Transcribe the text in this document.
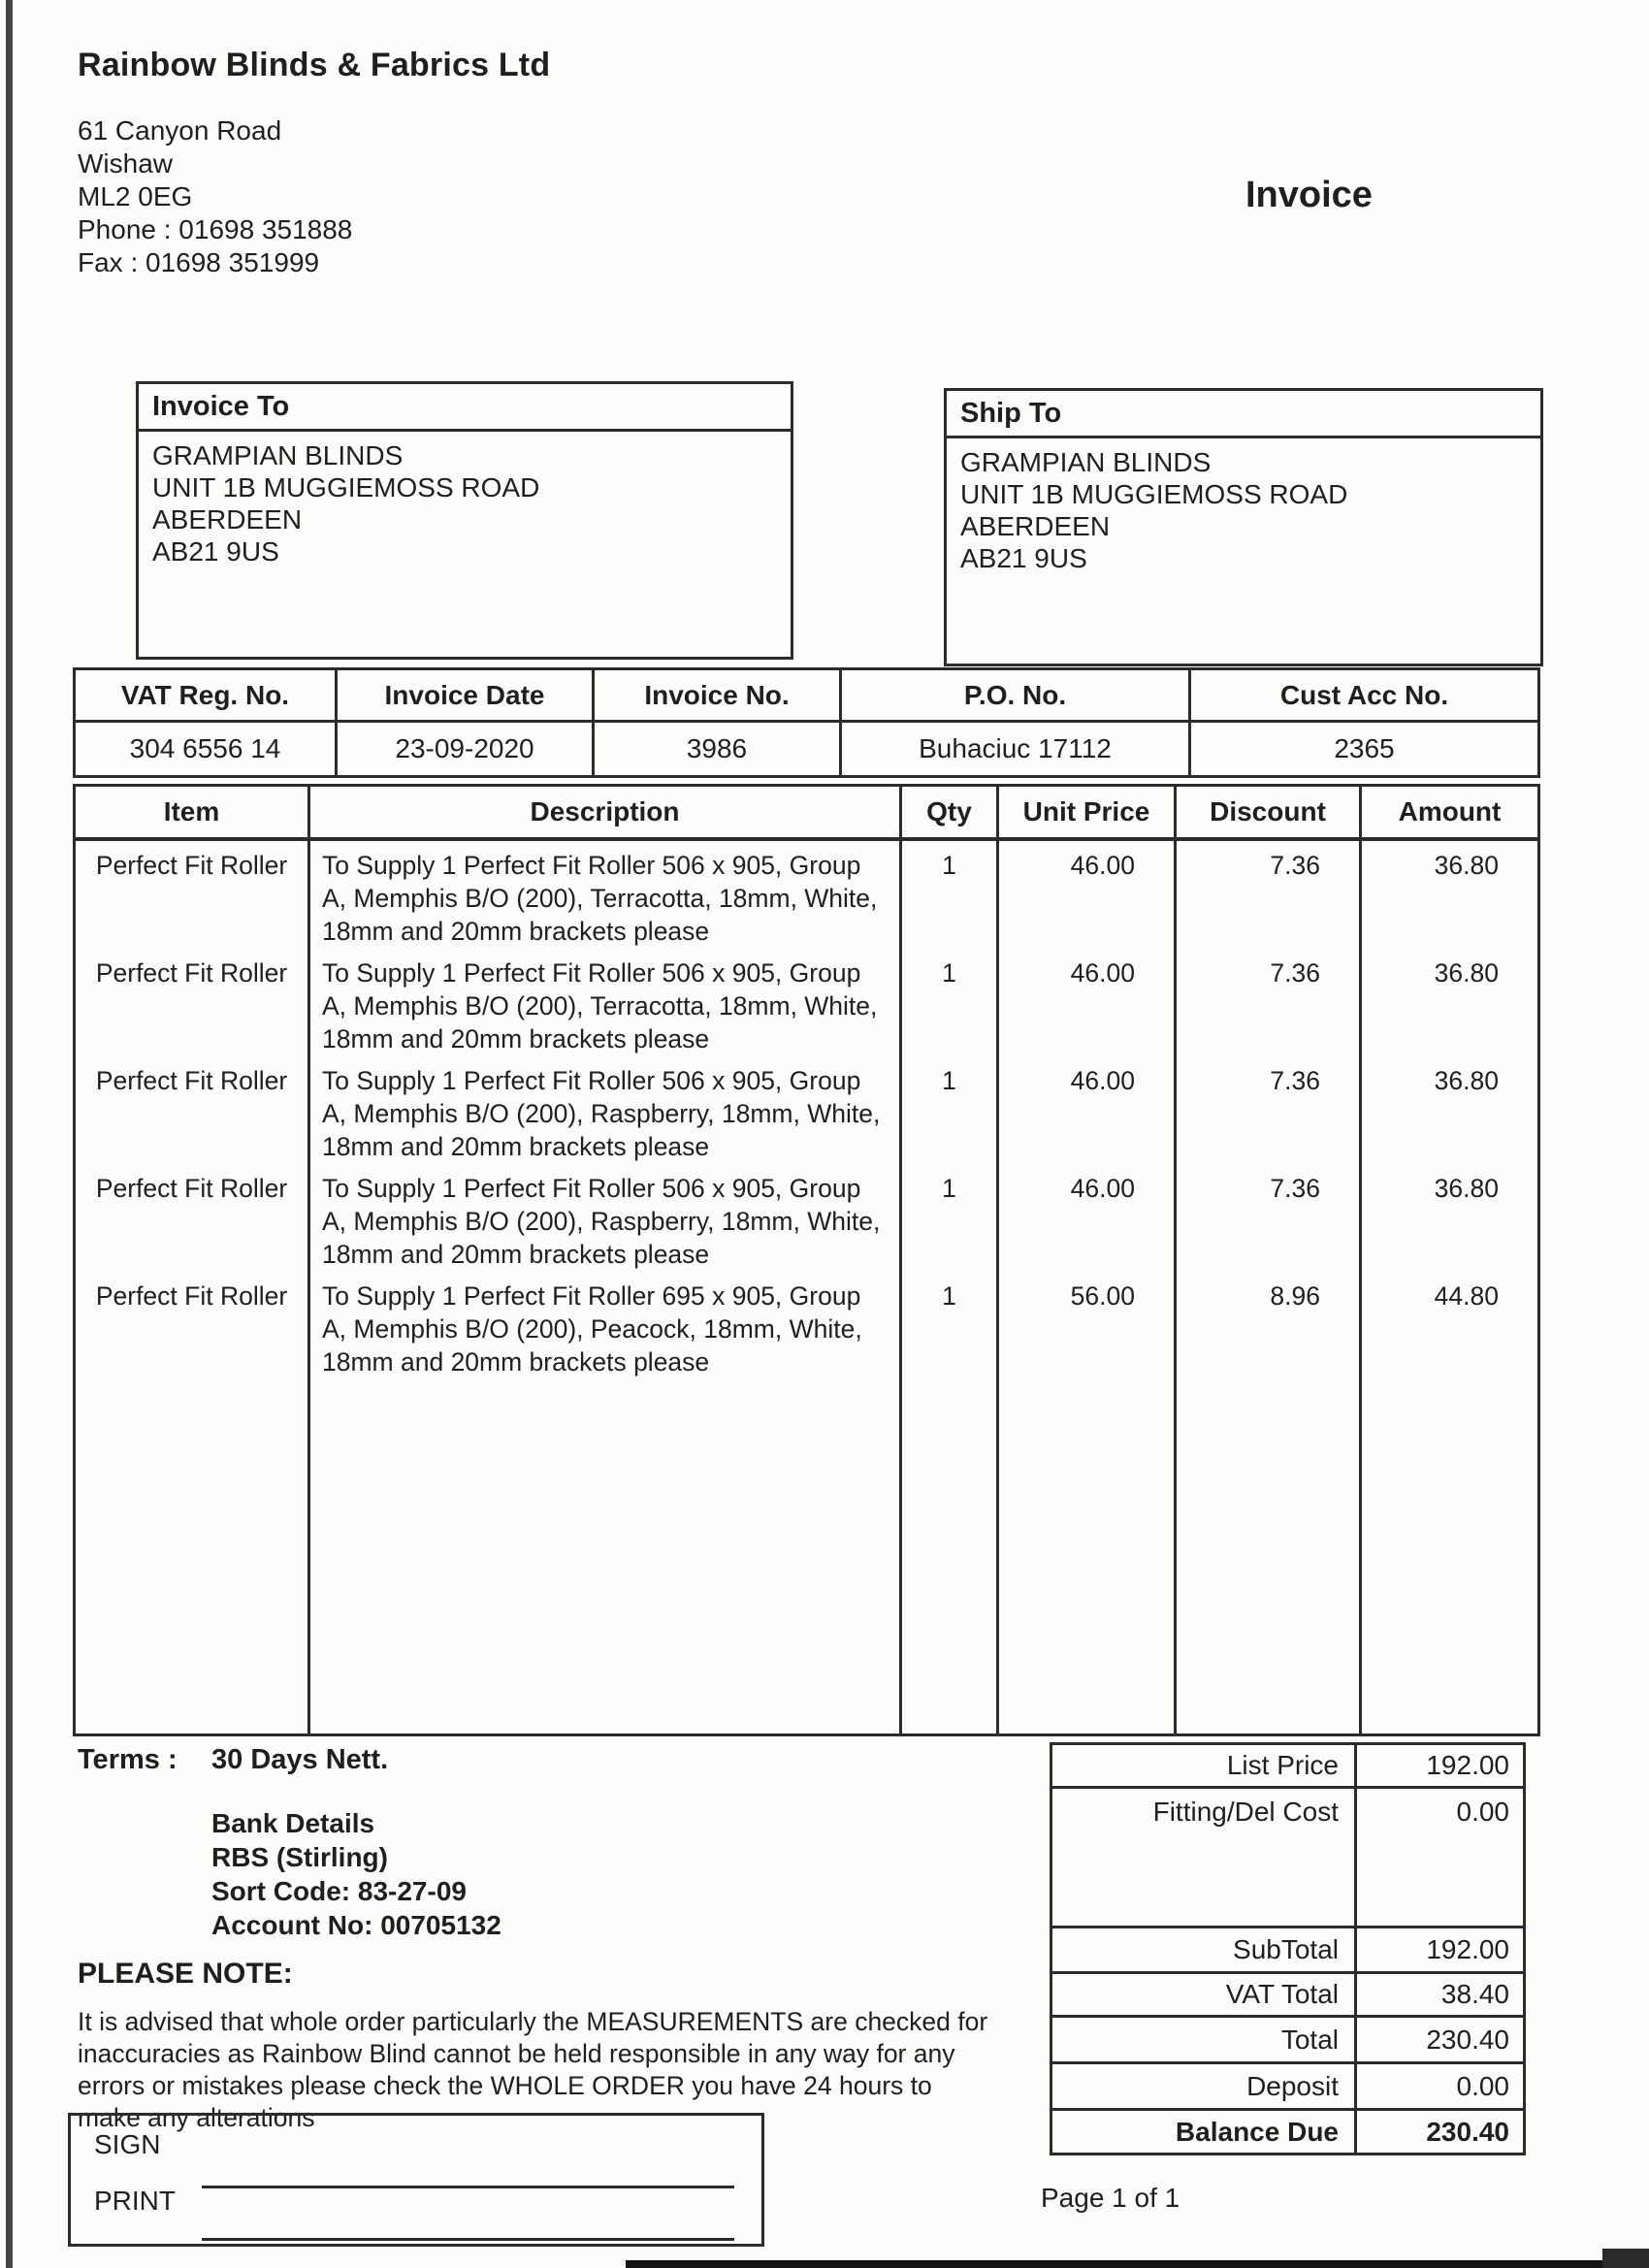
Rainbow Blinds & Fabrics Ltd
61 Canyon Road
Wishaw
ML2 0EG
Phone : 01698 351888
Fax : 01698 351999
Invoice
Invoice To
GRAMPIAN BLINDS
UNIT 1B MUGGIEMOSS ROAD
ABERDEEN
AB21 9US
Ship To
GRAMPIAN BLINDS
UNIT 1B MUGGIEMOSS ROAD
ABERDEEN
AB21 9US
VAT Reg. No.	Invoice Date	Invoice No.	P.O. No.	Cust Acc No.
304 6556 14	23-09-2020	3986	Buhaciuc 17112	2365
Item	Description	Qty	Unit Price	Discount	Amount
Perfect Fit Roller	To Supply 1 Perfect Fit Roller 506 x 905, Group A, Memphis B/O (200), Terracotta, 18mm, White, 18mm and 20mm brackets please	1	46.00	7.36	36.80
Perfect Fit Roller	To Supply 1 Perfect Fit Roller 506 x 905, Group A, Memphis B/O (200), Terracotta, 18mm, White, 18mm and 20mm brackets please	1	46.00	7.36	36.80
Perfect Fit Roller	To Supply 1 Perfect Fit Roller 506 x 905, Group A, Memphis B/O (200), Raspberry, 18mm, White, 18mm and 20mm brackets please	1	46.00	7.36	36.80
Perfect Fit Roller	To Supply 1 Perfect Fit Roller 506 x 905, Group A, Memphis B/O (200), Raspberry, 18mm, White, 18mm and 20mm brackets please	1	46.00	7.36	36.80
Perfect Fit Roller	To Supply 1 Perfect Fit Roller 695 x 905, Group A, Memphis B/O (200), Peacock, 18mm, White, 18mm and 20mm brackets please	1	56.00	8.96	44.80

Terms : 30 Days Nett.
Bank Details
RBS (Stirling)
Sort Code: 83-27-09
Account No: 00705132
PLEASE NOTE:
It is advised that whole order particularly the MEASUREMENTS are checked for inaccuracies as Rainbow Blind cannot be held responsible in any way for any errors or mistakes please check the WHOLE ORDER you have 24 hours to make any alterations
List Price	192.00
Fitting/Del Cost	0.00
SubTotal	192.00
VAT Total	38.40
Total	230.40
Deposit	0.00
Balance Due	230.40
Page 1 of 1
SIGN
PRINT
